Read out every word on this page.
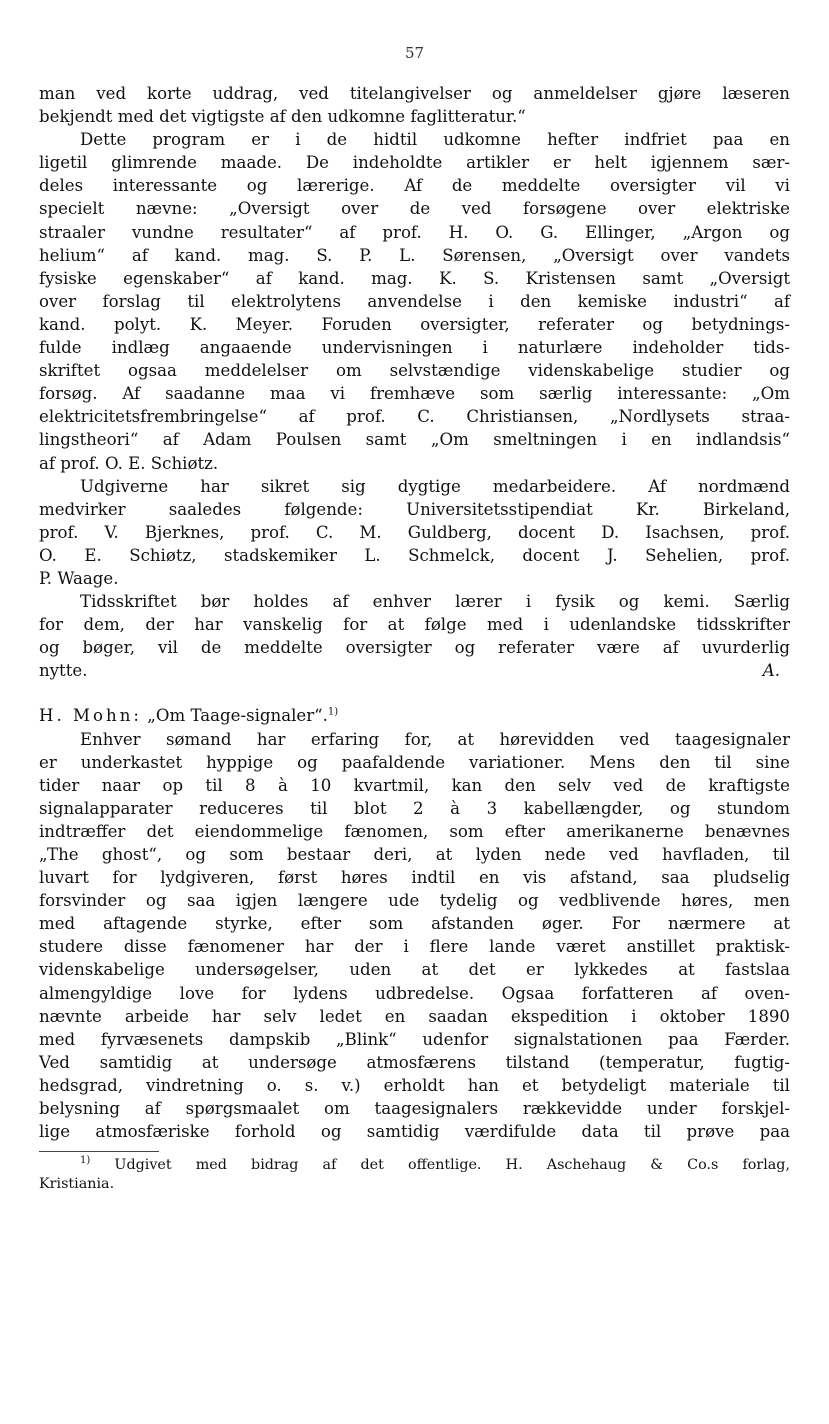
57
man ved korte uddrag, ved titelangivelser og anmeldelser gjøre læseren
bekjendt med det vigtigste af den udkomne faglitteratur.“
Dette program er i de hidtil udkomne hefter indfriet paa en
ligetil glimrende maade. De indeholdte artikler er helt igjennem sær-
deles interessante og lærerige. Af de meddelte oversigter vil vi
specielt nævne: „Oversigt over de ved forsøgene over elektriske
straaler vundne resultater“ af prof. H. O. G. Ellinger, „Argon og
helium“ af kand. mag. S. P. L. Sørensen, „Oversigt over vandets
fysiske egenskaber“ af kand. mag. K. S. Kristensen samt „Oversigt
over forslag til elektrolytens anvendelse i den kemiske industri“ af
kand. polyt. K. Meyer. Foruden oversigter, referater og betydnings-
fulde indlæg angaaende undervisningen i naturlære indeholder tids-
skriftet ogsaa meddelelser om selvstændige videnskabelige studier og
forsøg. Af saadanne maa vi fremhæve som særlig interessante: „Om
elektricitetsfrembringelse“ af prof. C. Christiansen, „Nordlysets straa-
lingstheori“ af Adam Poulsen samt „Om smeltningen i en indlandsis“
af prof. O. E. Schiøtz.
Udgiverne har sikret sig dygtige medarbeidere. Af nordmænd
medvirker saaledes følgende: Universitetsstipendiat Kr. Birkeland,
prof. V. Bjerknes, prof. C. M. Guldberg, docent D. Isachsen, prof.
O. E. Schiøtz, stadskemiker L. Schmelck, docent J. Sehelien, prof.
P. Waage.
Tidsskriftet bør holdes af enhver lærer i fysik og kemi. Særlig
for dem, der har vanskelig for at følge med i udenlandske tidsskrifter
og bøger, vil de meddelte oversigter og referater være af uvurderlig
nytte.	A.
H. Mohn: „Om Taage-signaler“.$^{1)}$
Enhver sømand har erfaring for, at hørevidden ved taagesignaler
er underkastet hyppige og paafaldende variationer. Mens den til sine
tider naar op til 8 à 10 kvartmil, kan den selv ved de kraftigste
signalapparater reduceres til blot 2 à 3 kabellængder, og stundom
indtræffer det eiendommelige fænomen, som efter amerikanerne benævnes
„The ghost“, og som bestaar deri, at lyden nede ved havfladen, til
luvart for lydgiveren, først høres indtil en vis afstand, saa pludselig
forsvinder og saa igjen længere ude tydelig og vedblivende høres, men
med aftagende styrke, efter som afstanden øger. For nærmere at
studere disse fænomener har der i flere lande været anstillet praktisk-
videnskabelige undersøgelser, uden at det er lykkedes at fastslaa
almengyldige love for lydens udbredelse. Ogsaa forfatteren af oven-
nævnte arbeide har selv ledet en saadan ekspedition i oktober 1890
med fyrvæsenets dampskib „Blink“ udenfor signalstationen paa Færder.
Ved samtidig at undersøge atmosfærens tilstand (temperatur, fugtig-
hedsgrad, vindretning o. s. v.) erholdt han et betydeligt materiale til
belysning af spørgsmaalet om taagesignalers rækkevidde under forskjel-
lige atmosfæriske forhold og samtidig værdifulde data til prøve paa
$^{1)}$ Udgivet med bidrag af det offentlige. H. Aschehaug & Co.s forlag,
Kristiania.
